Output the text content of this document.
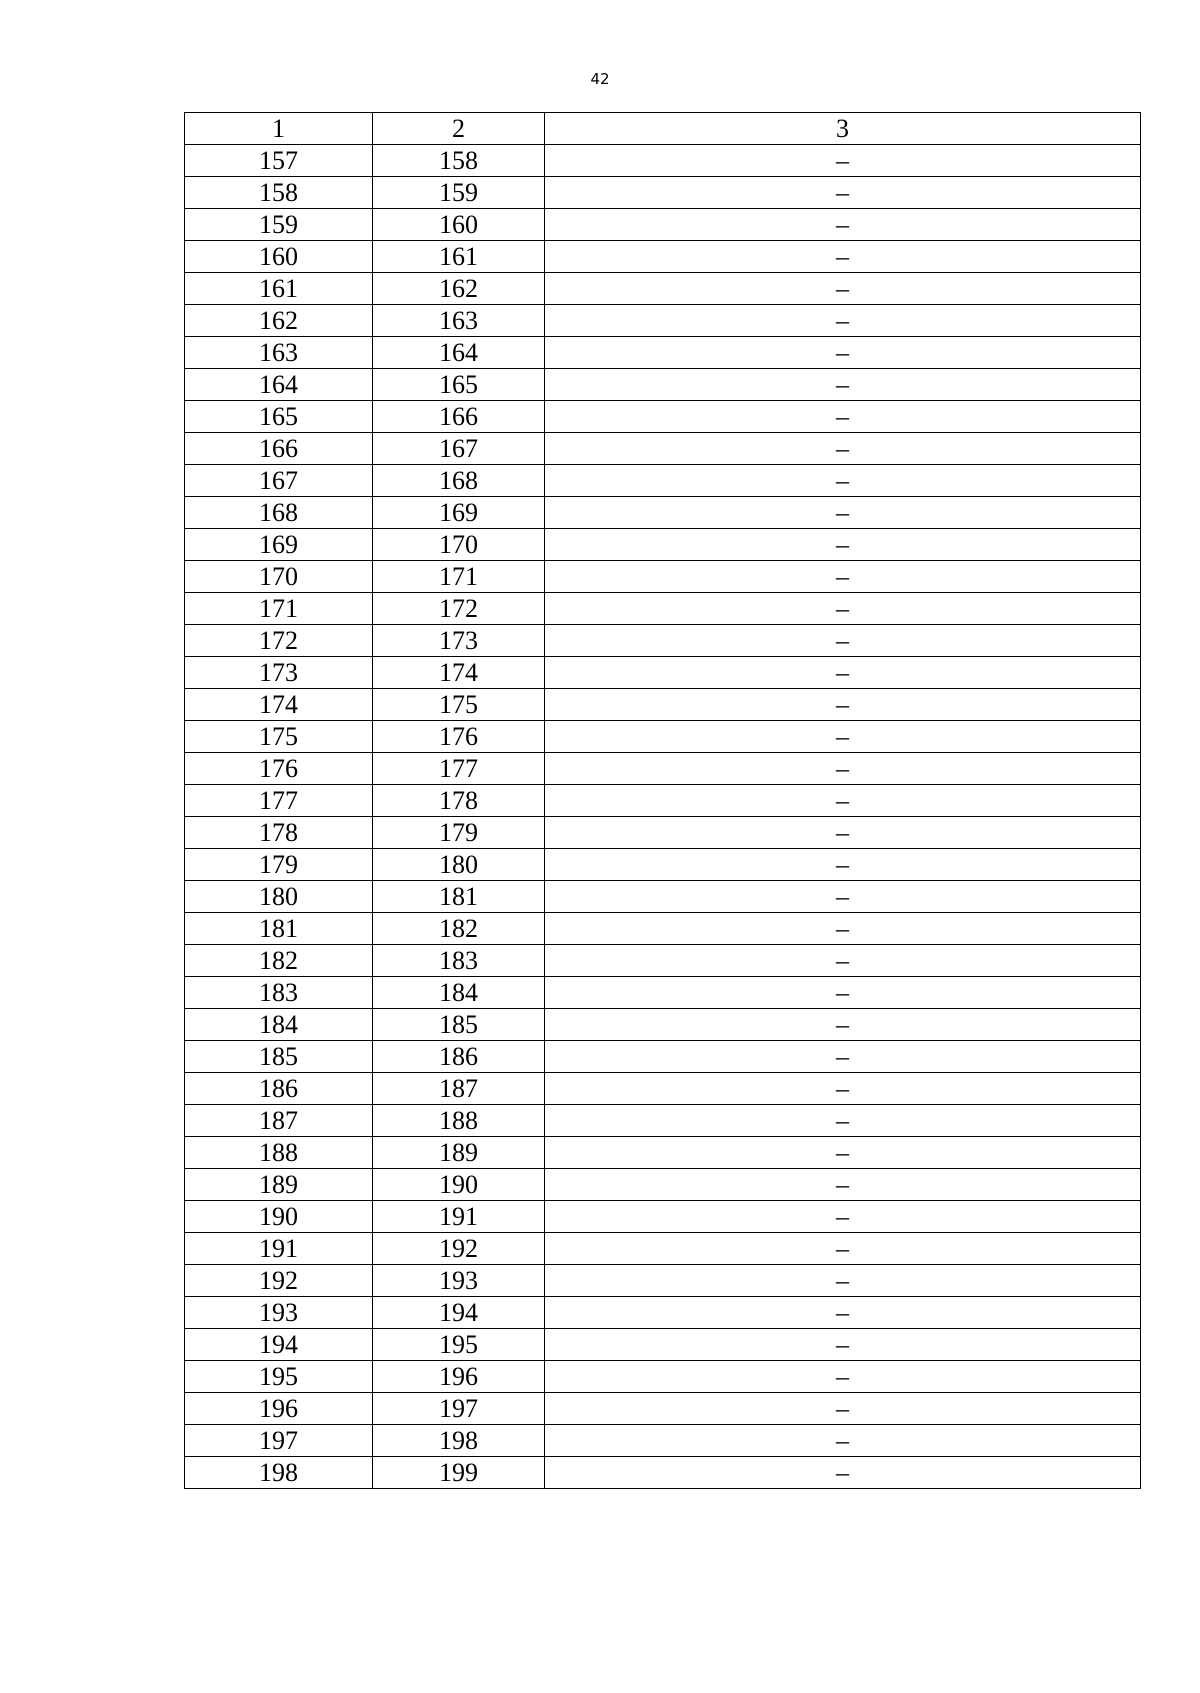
42
1	2	3
157	158	–
158	159	–
159	160	–
160	161	–
161	162	–
162	163	–
163	164	–
164	165	–
165	166	–
166	167	–
167	168	–
168	169	–
169	170	–
170	171	–
171	172	–
172	173	–
173	174	–
174	175	–
175	176	–
176	177	–
177	178	–
178	179	–
179	180	–
180	181	–
181	182	–
182	183	–
183	184	–
184	185	–
185	186	–
186	187	–
187	188	–
188	189	–
189	190	–
190	191	–
191	192	–
192	193	–
193	194	–
194	195	–
195	196	–
196	197	–
197	198	–
198	199	–
